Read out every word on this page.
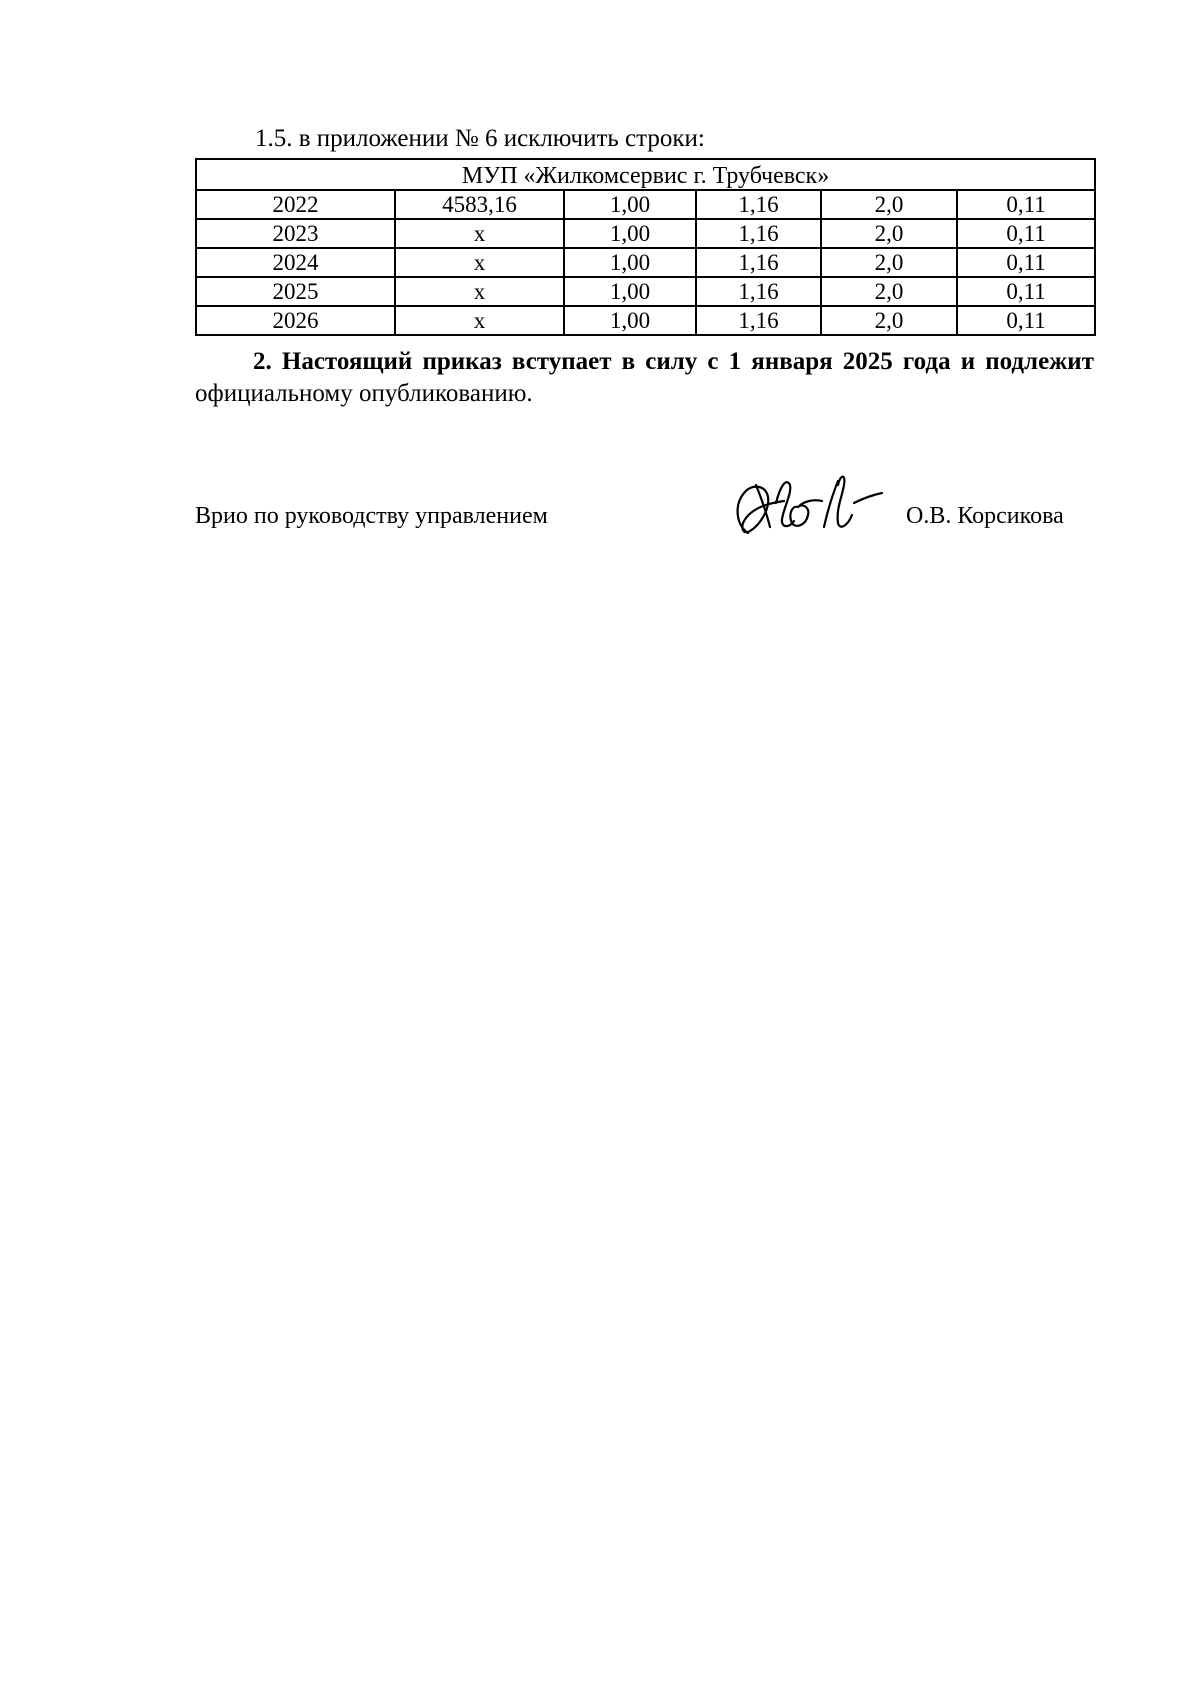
1.5. в приложении № 6 исключить строки:
МУП «Жилкомсервис г. Трубчевск»					
2022	4583,16	1,00	1,16	2,0	0,11
2023	х	1,00	1,16	2,0	0,11
2024	х	1,00	1,16	2,0	0,11
2025	х	1,00	1,16	2,0	0,11
2026	х	1,00	1,16	2,0	0,11
2. Настоящий приказ вступает в силу с 1 января 2025 года и подлежит официальному опубликованию.
Врио по руководству управлением	О.В. Корсикова
